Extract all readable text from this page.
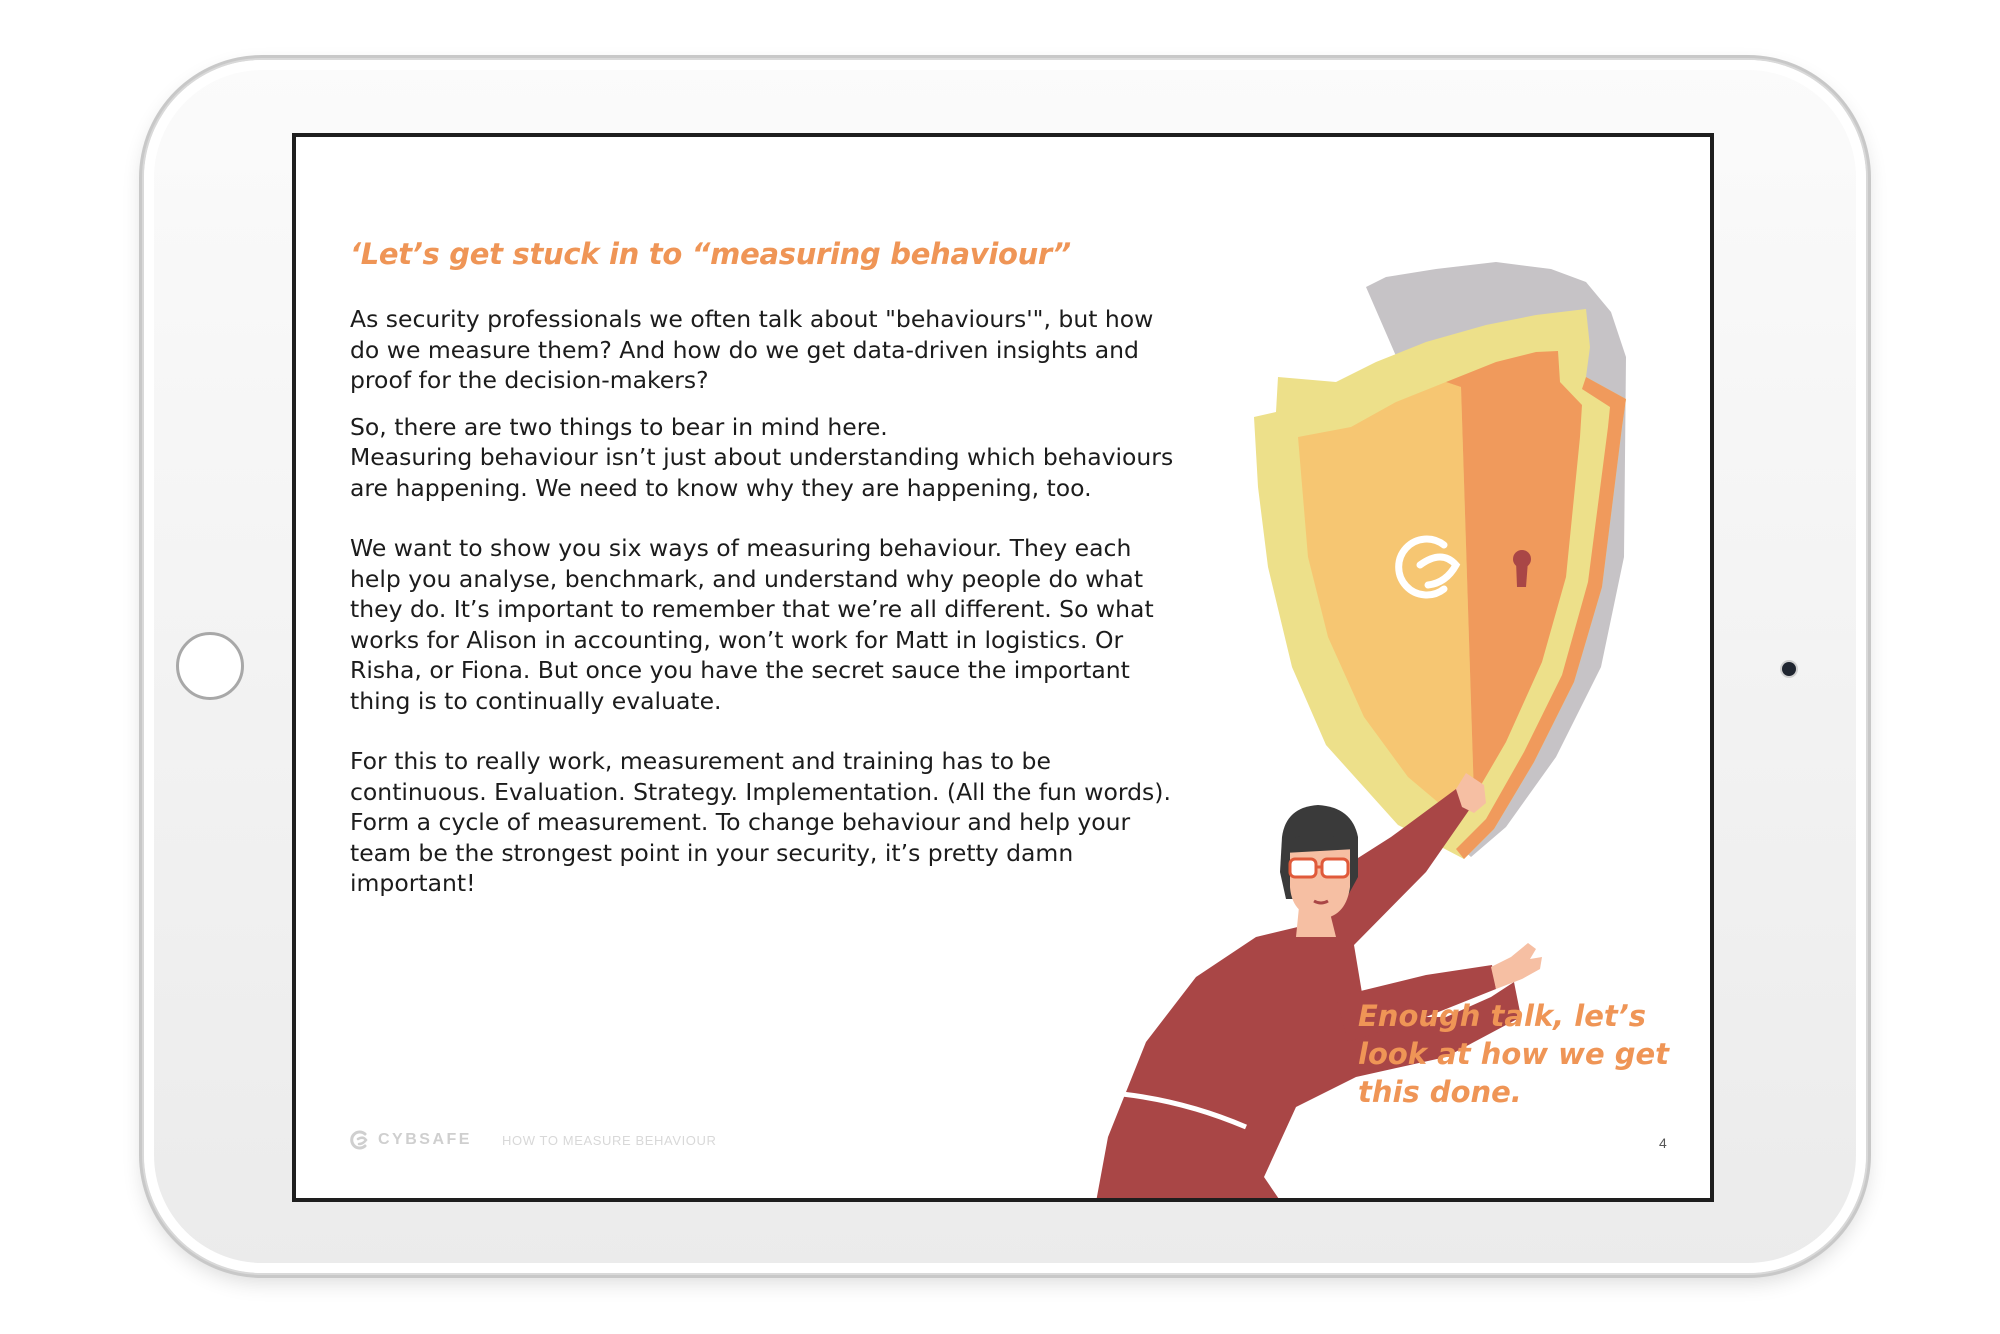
‘Let’s get stuck in to “measuring behaviour”

As security professionals we often talk about "behaviours'", but how do we measure them? And how do we get data-driven insights and proof for the decision-makers?

So, there are two things to bear in mind here.

Measuring behaviour isn’t just about understanding which behaviours are happening. We need to know why they are happening, too.

We want to show you six ways of measuring behaviour. They each help you analyse, benchmark, and understand why people do what they do. It’s important to remember that we’re all different. So what works for Alison in accounting, won’t work for Matt in logistics. Or Risha, or Fiona. But once you have the secret sauce the important thing is to continually evaluate.

For this to really work, measurement and training has to be continuous. Evaluation. Strategy. Implementation. (All the fun words). Form a cycle of measurement. To change behaviour and help your team be the strongest point in your security, it’s pretty damn important!

Enough talk, let’s
look at how we get
this done.
CYBSAFE HOW TO MEASURE BEHAVIOUR	4
